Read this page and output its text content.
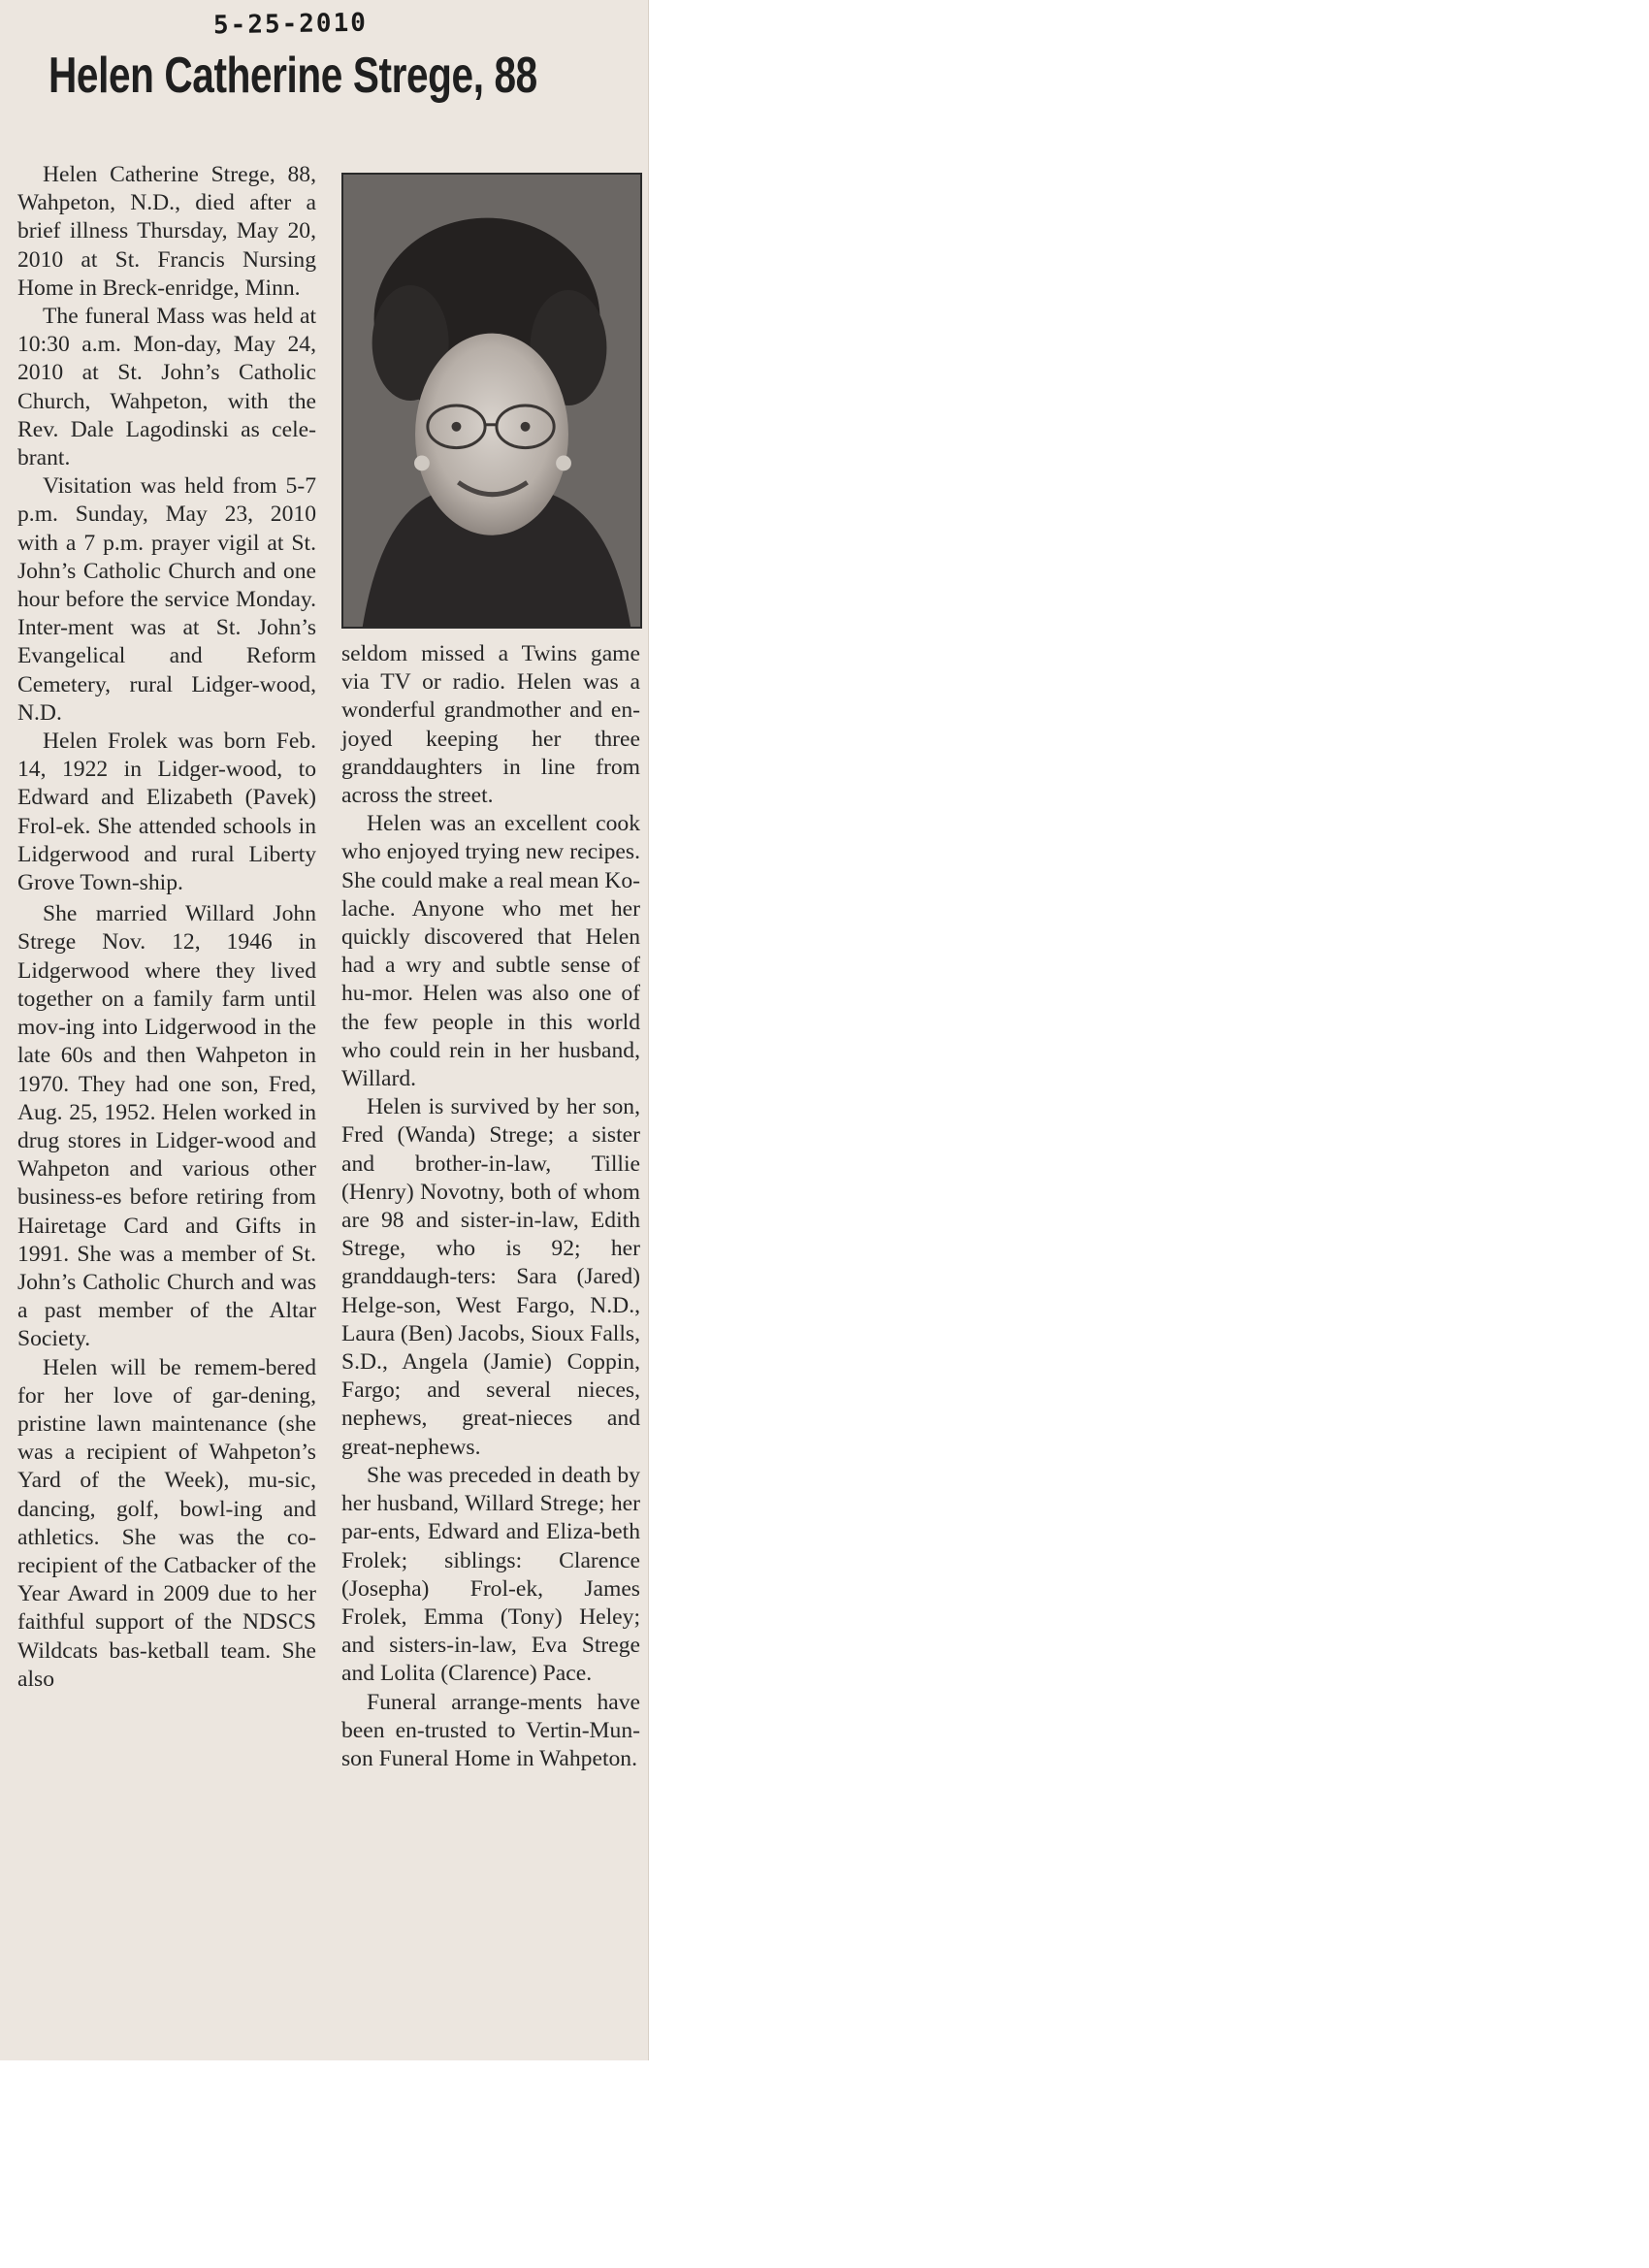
5-25-2010
Helen Catherine Strege, 88

Helen Catherine Strege, 88, Wahpeton, N.D., died after a brief illness Thursday, May 20, 2010 at St. Francis Nursing Home in Breck-enridge, Minn.

The funeral Mass was held at 10:30 a.m. Mon-day, May 24, 2010 at St. John’s Catholic Church, Wahpeton, with the Rev. Dale Lagodinski as cele-brant.

Visitation was held from 5-7 p.m. Sunday, May 23, 2010 with a 7 p.m. prayer vigil at St. John’s Catholic Church and one hour before the service Monday. Inter-ment was at St. John’s Evangelical and Reform Cemetery, rural Lidger-wood, N.D.

Helen Frolek was born Feb. 14, 1922 in Lidger-wood, to Edward and Elizabeth (Pavek) Frol-ek. She attended schools in Lidgerwood and rural Liberty Grove Town-ship.

She married Willard John Strege Nov. 12, 1946 in Lidgerwood where they lived together on a family farm until mov-ing into Lidgerwood in the late 60s and then Wahpeton in 1970. They had one son, Fred, Aug. 25, 1952. Helen worked in drug stores in Lidger-wood and Wahpeton and various other business-es before retiring from Hairetage Card and Gifts in 1991. She was a member of St. John’s Catholic Church and was a past member of the Altar Society.

Helen will be remem-bered for her love of gar-dening, pristine lawn maintenance (she was a recipient of Wahpeton’s Yard of the Week), mu-sic, dancing, golf, bowl-ing and athletics. She was the co-recipient of the Catbacker of the Year Award in 2009 due to her faithful support of the NDSCS Wildcats bas-ketball team. She also

seldom missed a Twins game via TV or radio. Helen was a wonderful grandmother and en-joyed keeping her three granddaughters in line from across the street.

Helen was an excellent cook who enjoyed trying new recipes. She could make a real mean Ko-lache. Anyone who met her quickly discovered that Helen had a wry and subtle sense of hu-mor. Helen was also one of the few people in this world who could rein in her husband, Willard.

Helen is survived by her son, Fred (Wanda) Strege; a sister and brother-in-law, Tillie (Henry) Novotny, both of whom are 98 and sister-in-law, Edith Strege, who is 92; her granddaugh-ters: Sara (Jared) Helge-son, West Fargo, N.D., Laura (Ben) Jacobs, Sioux Falls, S.D., Angela (Jamie) Coppin, Fargo; and several nieces, nephews, great-nieces and great-nephews.

She was preceded in death by her husband, Willard Strege; her par-ents, Edward and Eliza-beth Frolek; siblings: Clarence (Josepha) Frol-ek, James Frolek, Emma (Tony) Heley; and sisters-in-law, Eva Strege and Lolita (Clarence) Pace.

Funeral arrange-ments have been en-trusted to Vertin-Mun-son Funeral Home in Wahpeton.
